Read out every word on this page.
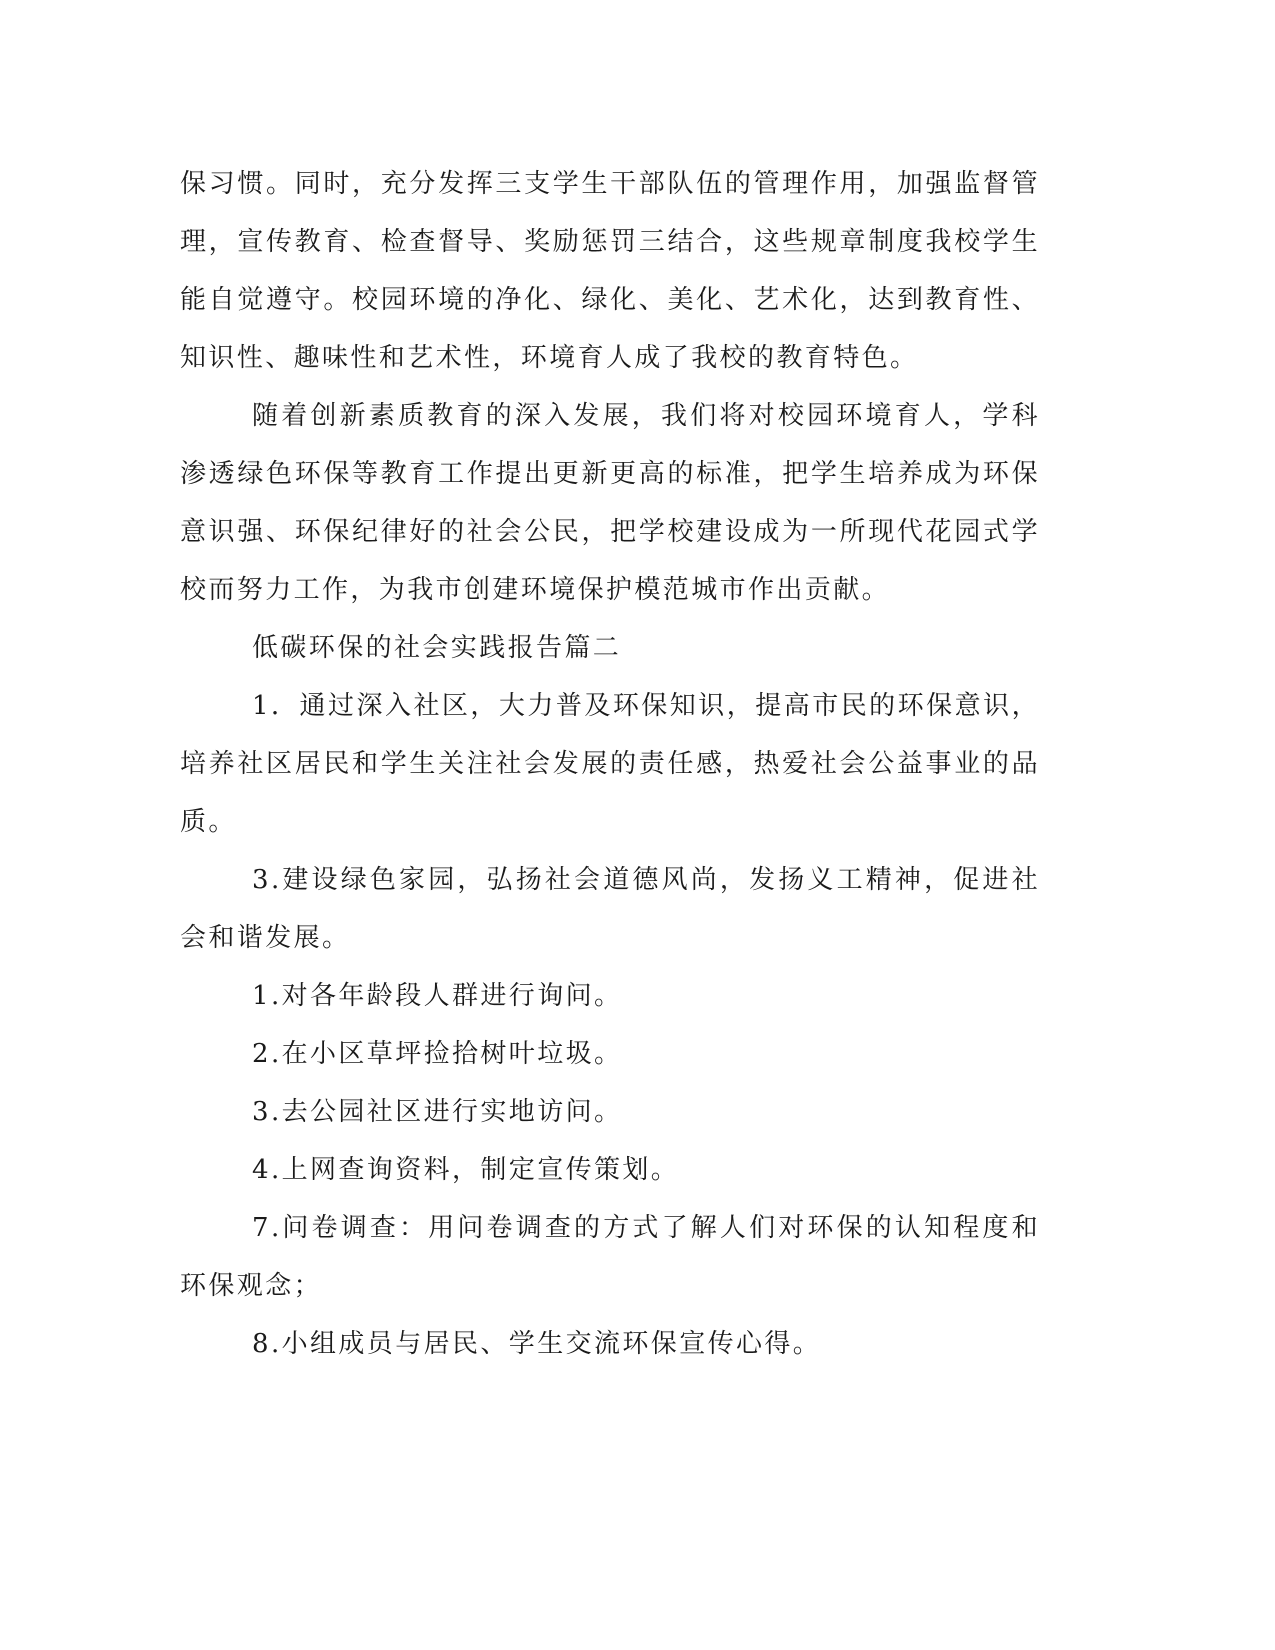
保习惯。同时，充分发挥三支学生干部队伍的管理作用，加强监督管理，宣传教育、检查督导、奖励惩罚三结合，这些规章制度我校学生能自觉遵守。校园环境的净化、绿化、美化、艺术化，达到教育性、知识性、趣味性和艺术性，环境育人成了我校的教育特色。

随着创新素质教育的深入发展，我们将对校园环境育人，学科渗透绿色环保等教育工作提出更新更高的标准，把学生培养成为环保意识强、环保纪律好的社会公民，把学校建设成为一所现代花园式学校而努力工作，为我市创建环境保护模范城市作出贡献。

低碳环保的社会实践报告篇二

1．通过深入社区，大力普及环保知识，提高市民的环保意识，培养社区居民和学生关注社会发展的责任感，热爱社会公益事业的品质。

3.建设绿色家园，弘扬社会道德风尚，发扬义工精神，促进社会和谐发展。

1.对各年龄段人群进行询问。

2.在小区草坪捡拾树叶垃圾。

3.去公园社区进行实地访问。

4.上网查询资料，制定宣传策划。

7.问卷调查：用问卷调查的方式了解人们对环保的认知程度和环保观念；

8.小组成员与居民、学生交流环保宣传心得。
